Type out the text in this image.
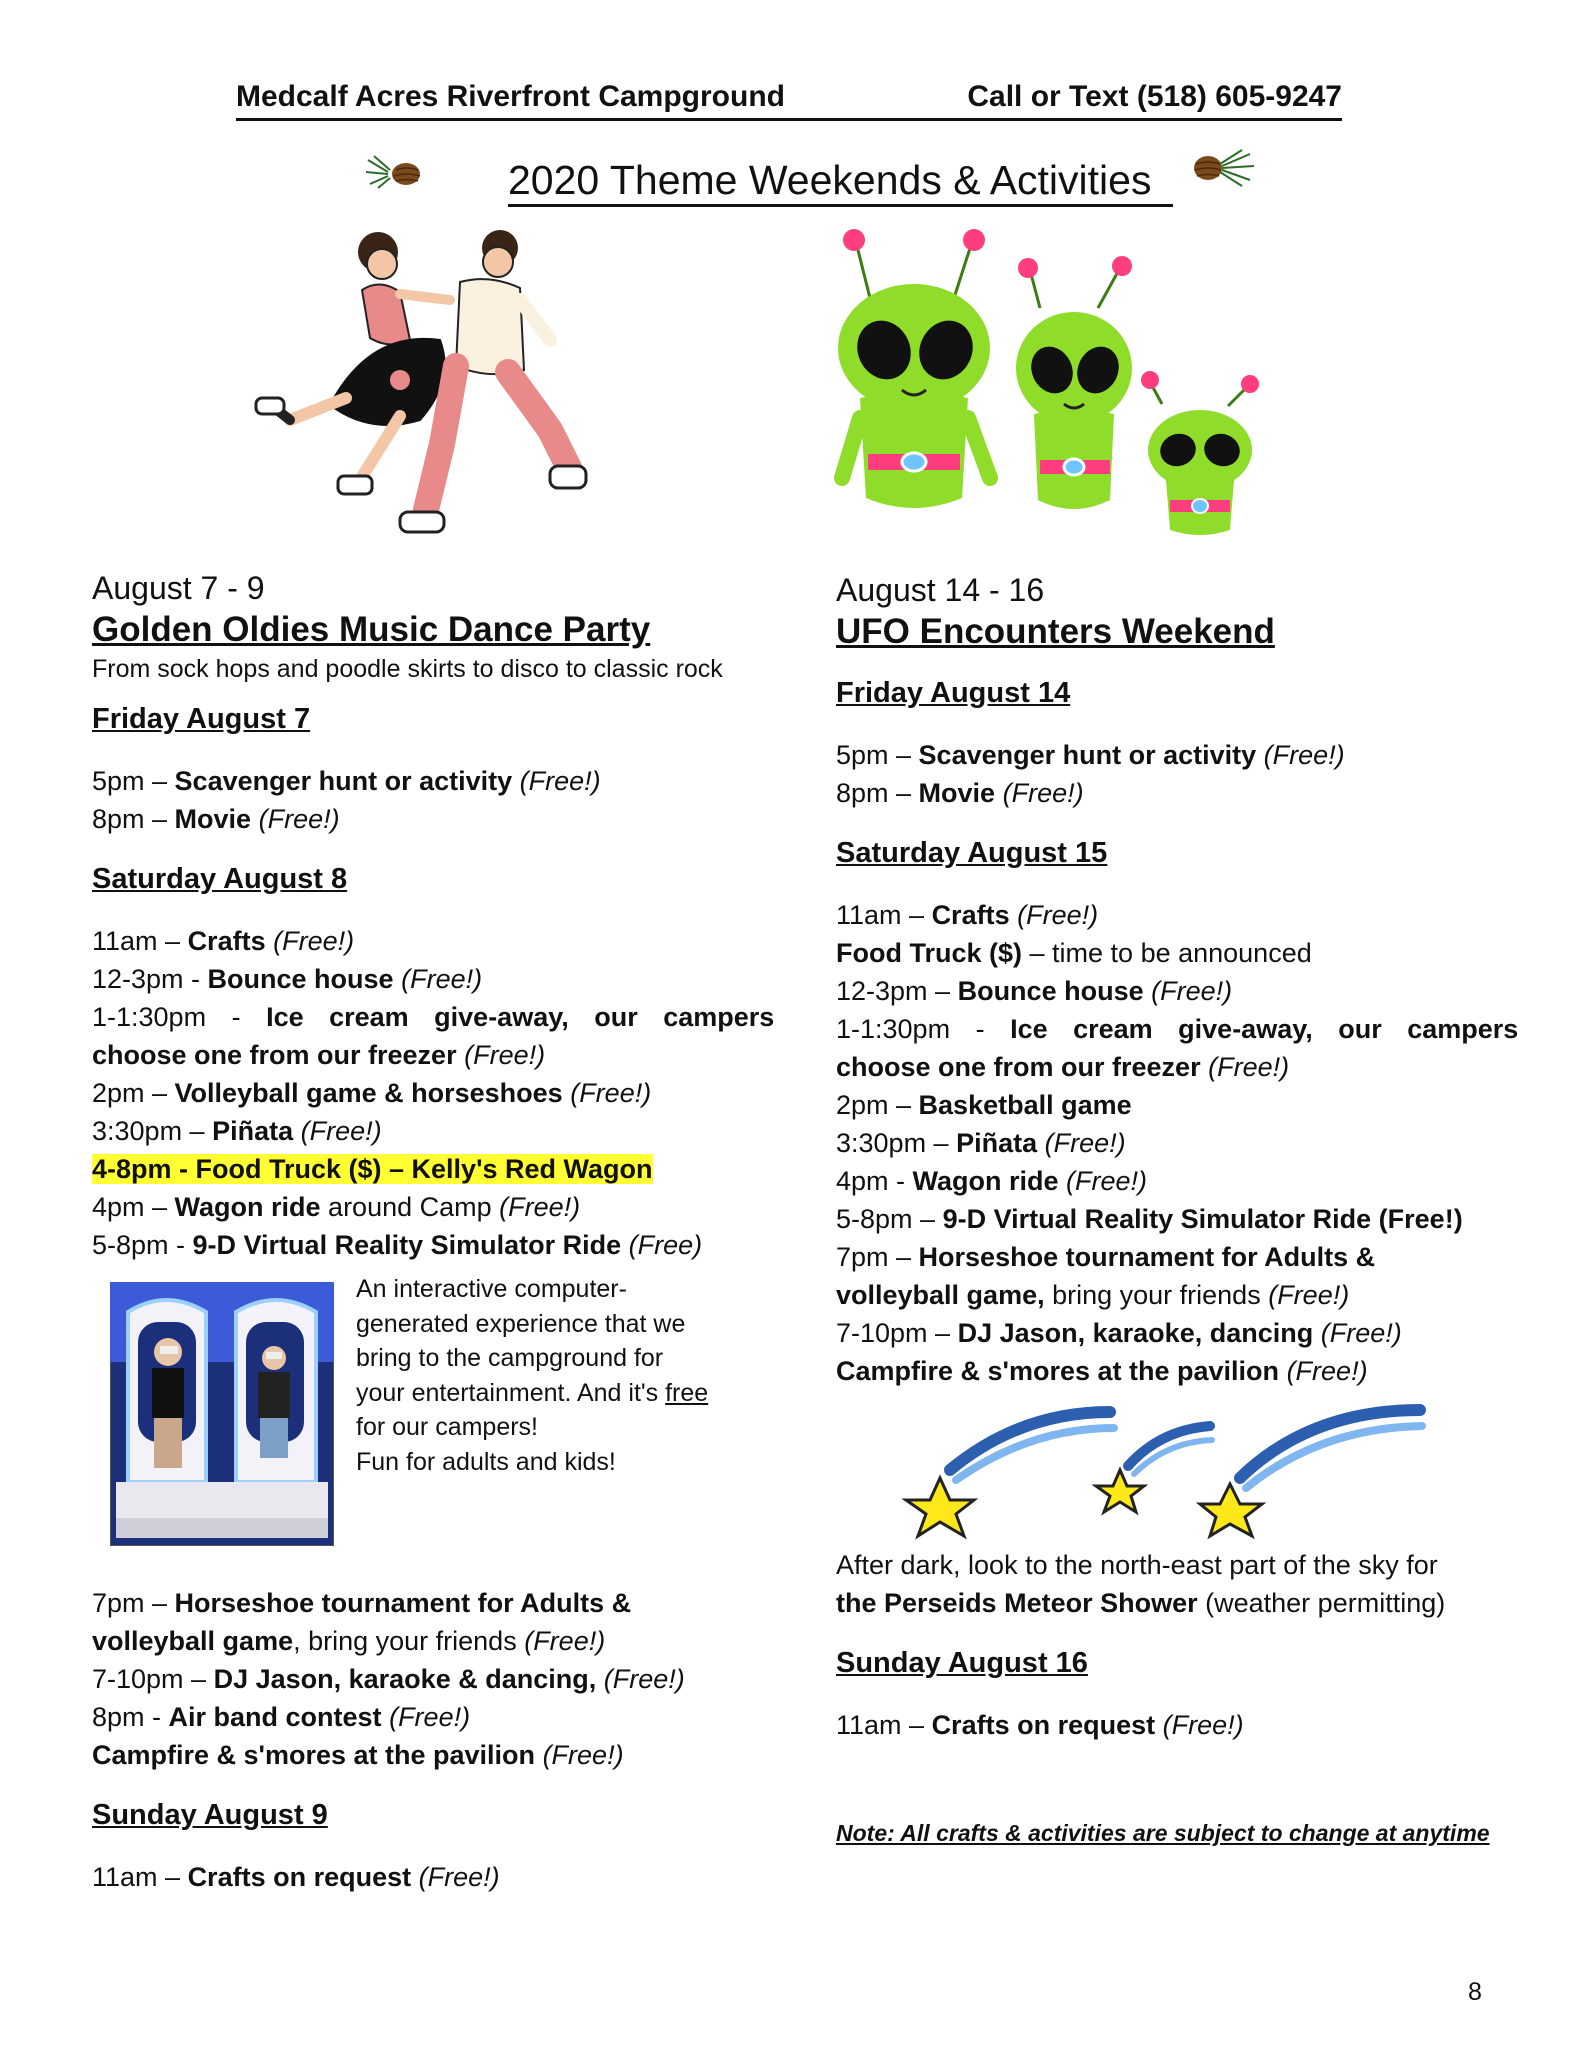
Medcalf Acres Riverfront Campground	Call or Text (518) 605-9247
2020 Theme Weekends & Activities
August 7 - 9
Golden Oldies Music Dance Party
From sock hops and poodle skirts to disco to classic rock
Friday August 7
5pm – Scavenger hunt or activity (Free!)
8pm – Movie (Free!)
Saturday August 8
11am – Crafts (Free!)
12-3pm - Bounce house (Free!)
1-1:30pm - Ice cream give-away, our campers
choose one from our freezer (Free!)
2pm – Volleyball game & horseshoes (Free!)
3:30pm – Piñata (Free!)
4-8pm - Food Truck ($) – Kelly's Red Wagon
4pm – Wagon ride around Camp (Free!)
5-8pm - 9-D Virtual Reality Simulator Ride (Free)
An interactive computer-
generated experience that we
bring to the campground for
your entertainment. And it's free
for our campers!
Fun for adults and kids!
7pm – Horseshoe tournament for Adults &
volleyball game, bring your friends (Free!)
7-10pm – DJ Jason, karaoke & dancing, (Free!)
8pm - Air band contest (Free!)
Campfire & s'mores at the pavilion (Free!)
Sunday August 9
11am – Crafts on request (Free!)
August 14 - 16
UFO Encounters Weekend
Friday August 14
5pm – Scavenger hunt or activity (Free!)
8pm – Movie (Free!)
Saturday August 15
11am – Crafts (Free!)
Food Truck ($) – time to be announced
12-3pm – Bounce house (Free!)
1-1:30pm - Ice cream give-away, our campers
choose one from our freezer (Free!)
2pm – Basketball game
3:30pm – Piñata (Free!)
4pm - Wagon ride (Free!)
5-8pm – 9-D Virtual Reality Simulator Ride (Free!)
7pm – Horseshoe tournament for Adults &
volleyball game, bring your friends (Free!)
7-10pm – DJ Jason, karaoke, dancing (Free!)
Campfire & s'mores at the pavilion (Free!)
After dark, look to the north-east part of the sky for
the Perseids Meteor Shower (weather permitting)
Sunday August 16
11am – Crafts on request (Free!)
Note: All crafts & activities are subject to change at anytime
8
